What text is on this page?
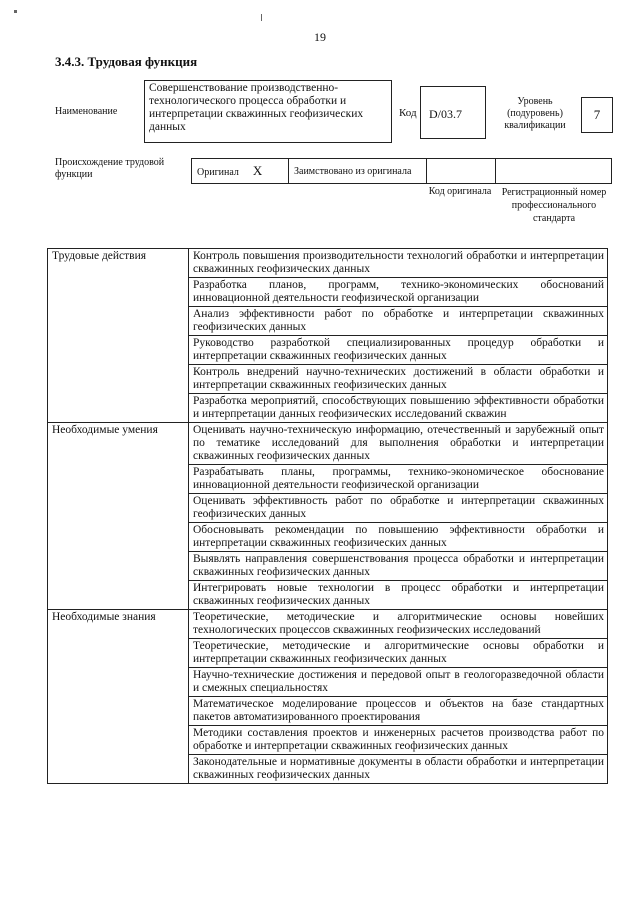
19
3.4.3. Трудовая функция
Наименование
Совершенствование производственно-технологического процесса обработки и интерпретации скважинных геофизических данных
Код	D/03.7
Уровень (подуровень) квалификации
7
Происхождение трудовой функции	Оригинал X	Заимствовано из оригинала		
Код оригинала	Регистрационный номер профессионального стандарта
Трудовые действия	Контроль повышения производительности технологий обработки и интерпретации скважинных геофизических данных
	Разработка планов, программ, технико-экономических обоснований инновационной деятельности геофизической организации
	Анализ эффективности работ по обработке и интерпретации скважинных геофизических данных
	Руководство разработкой специализированных процедур обработки и интерпретации скважинных геофизических данных
	Контроль внедрений научно-технических достижений в области обработки и интерпретации скважинных геофизических данных
	Разработка мероприятий, способствующих повышению эффективности обработки и интерпретации данных геофизических исследований скважин
Необходимые умения	Оценивать научно-техническую информацию, отечественный и зарубежный опыт по тематике исследований для выполнения обработки и интерпретации скважинных геофизических данных
	Разрабатывать планы, программы, технико-экономическое обоснование инновационной деятельности геофизической организации
	Оценивать эффективность работ по обработке и интерпретации скважинных геофизических данных
	Обосновывать рекомендации по повышению эффективности обработки и интерпретации скважинных геофизических данных
	Выявлять направления совершенствования процесса обработки и интерпретации скважинных геофизических данных
	Интегрировать новые технологии в процесс обработки и интерпретации скважинных геофизических данных
Необходимые знания	Теоретические, методические и алгоритмические основы новейших технологических процессов скважинных геофизических исследований
	Теоретические, методические и алгоритмические основы обработки и интерпретации скважинных геофизических данных
	Научно-технические достижения и передовой опыт в геологоразведочной области и смежных специальностях
	Математическое моделирование процессов и объектов на базе стандартных пакетов автоматизированного проектирования
	Методики составления проектов и инженерных расчетов производства работ по обработке и интерпретации скважинных геофизических данных
	Законодательные и нормативные документы в области обработки и интерпретации скважинных геофизических данных
